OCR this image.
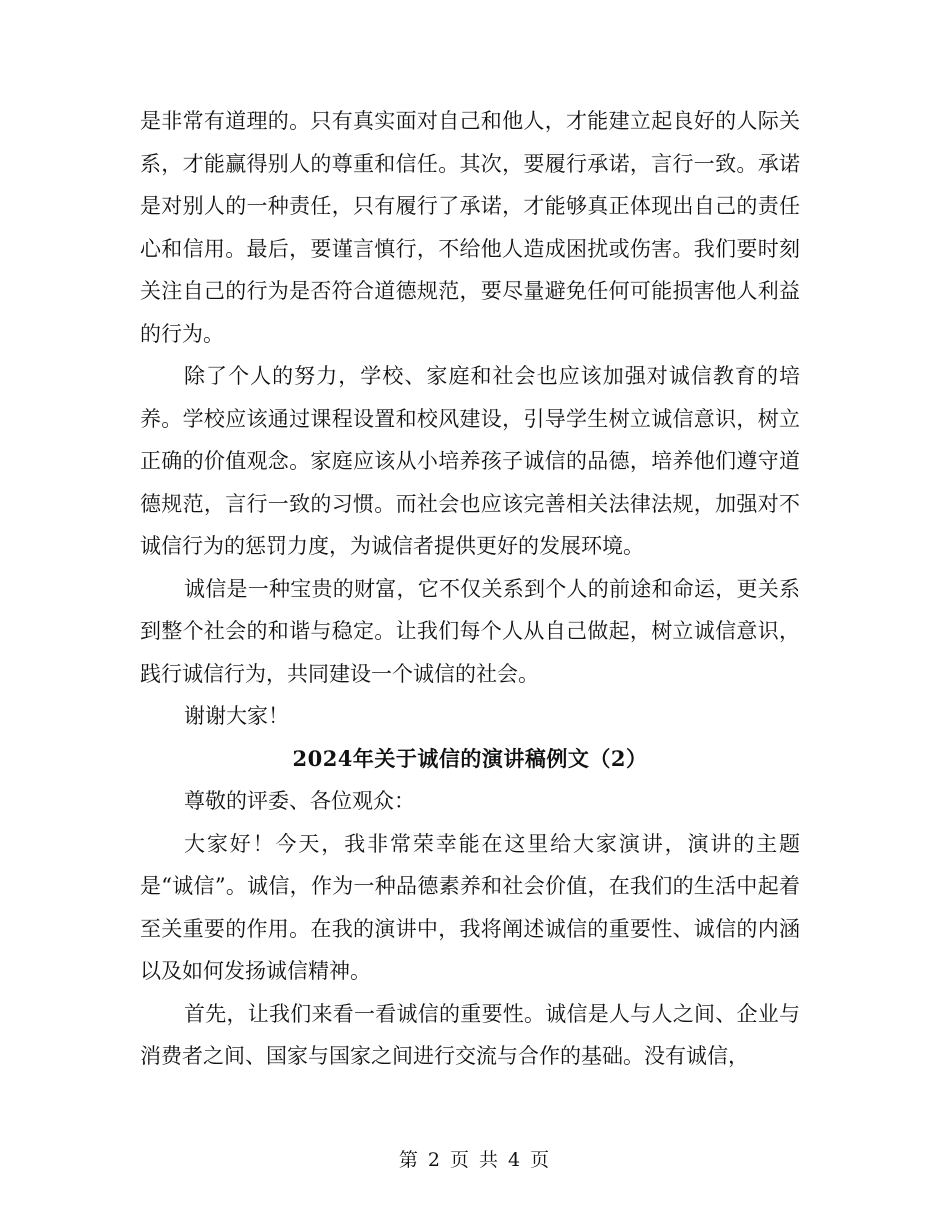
是非常有道理的。只有真实面对自己和他人，才能建立起良好的人际关系，才能赢得别人的尊重和信任。其次，要履行承诺，言行一致。承诺是对别人的一种责任，只有履行了承诺，才能够真正体现出自己的责任心和信用。最后，要谨言慎行，不给他人造成困扰或伤害。我们要时刻关注自己的行为是否符合道德规范，要尽量避免任何可能损害他人利益的行为。

除了个人的努力，学校、家庭和社会也应该加强对诚信教育的培养。学校应该通过课程设置和校风建设，引导学生树立诚信意识，树立正确的价值观念。家庭应该从小培养孩子诚信的品德，培养他们遵守道德规范，言行一致的习惯。而社会也应该完善相关法律法规，加强对不诚信行为的惩罚力度，为诚信者提供更好的发展环境。

诚信是一种宝贵的财富，它不仅关系到个人的前途和命运，更关系到整个社会的和谐与稳定。让我们每个人从自己做起，树立诚信意识，践行诚信行为，共同建设一个诚信的社会。

谢谢大家！

2024年关于诚信的演讲稿例文（2）

尊敬的评委、各位观众：

大家好！今天，我非常荣幸能在这里给大家演讲，演讲的主题是“诚信”。诚信，作为一种品德素养和社会价值，在我们的生活中起着至关重要的作用。在我的演讲中，我将阐述诚信的重要性、诚信的内涵以及如何发扬诚信精神。

首先，让我们来看一看诚信的重要性。诚信是人与人之间、企业与消费者之间、国家与国家之间进行交流与合作的基础。没有诚信，

第 2 页 共 4 页
